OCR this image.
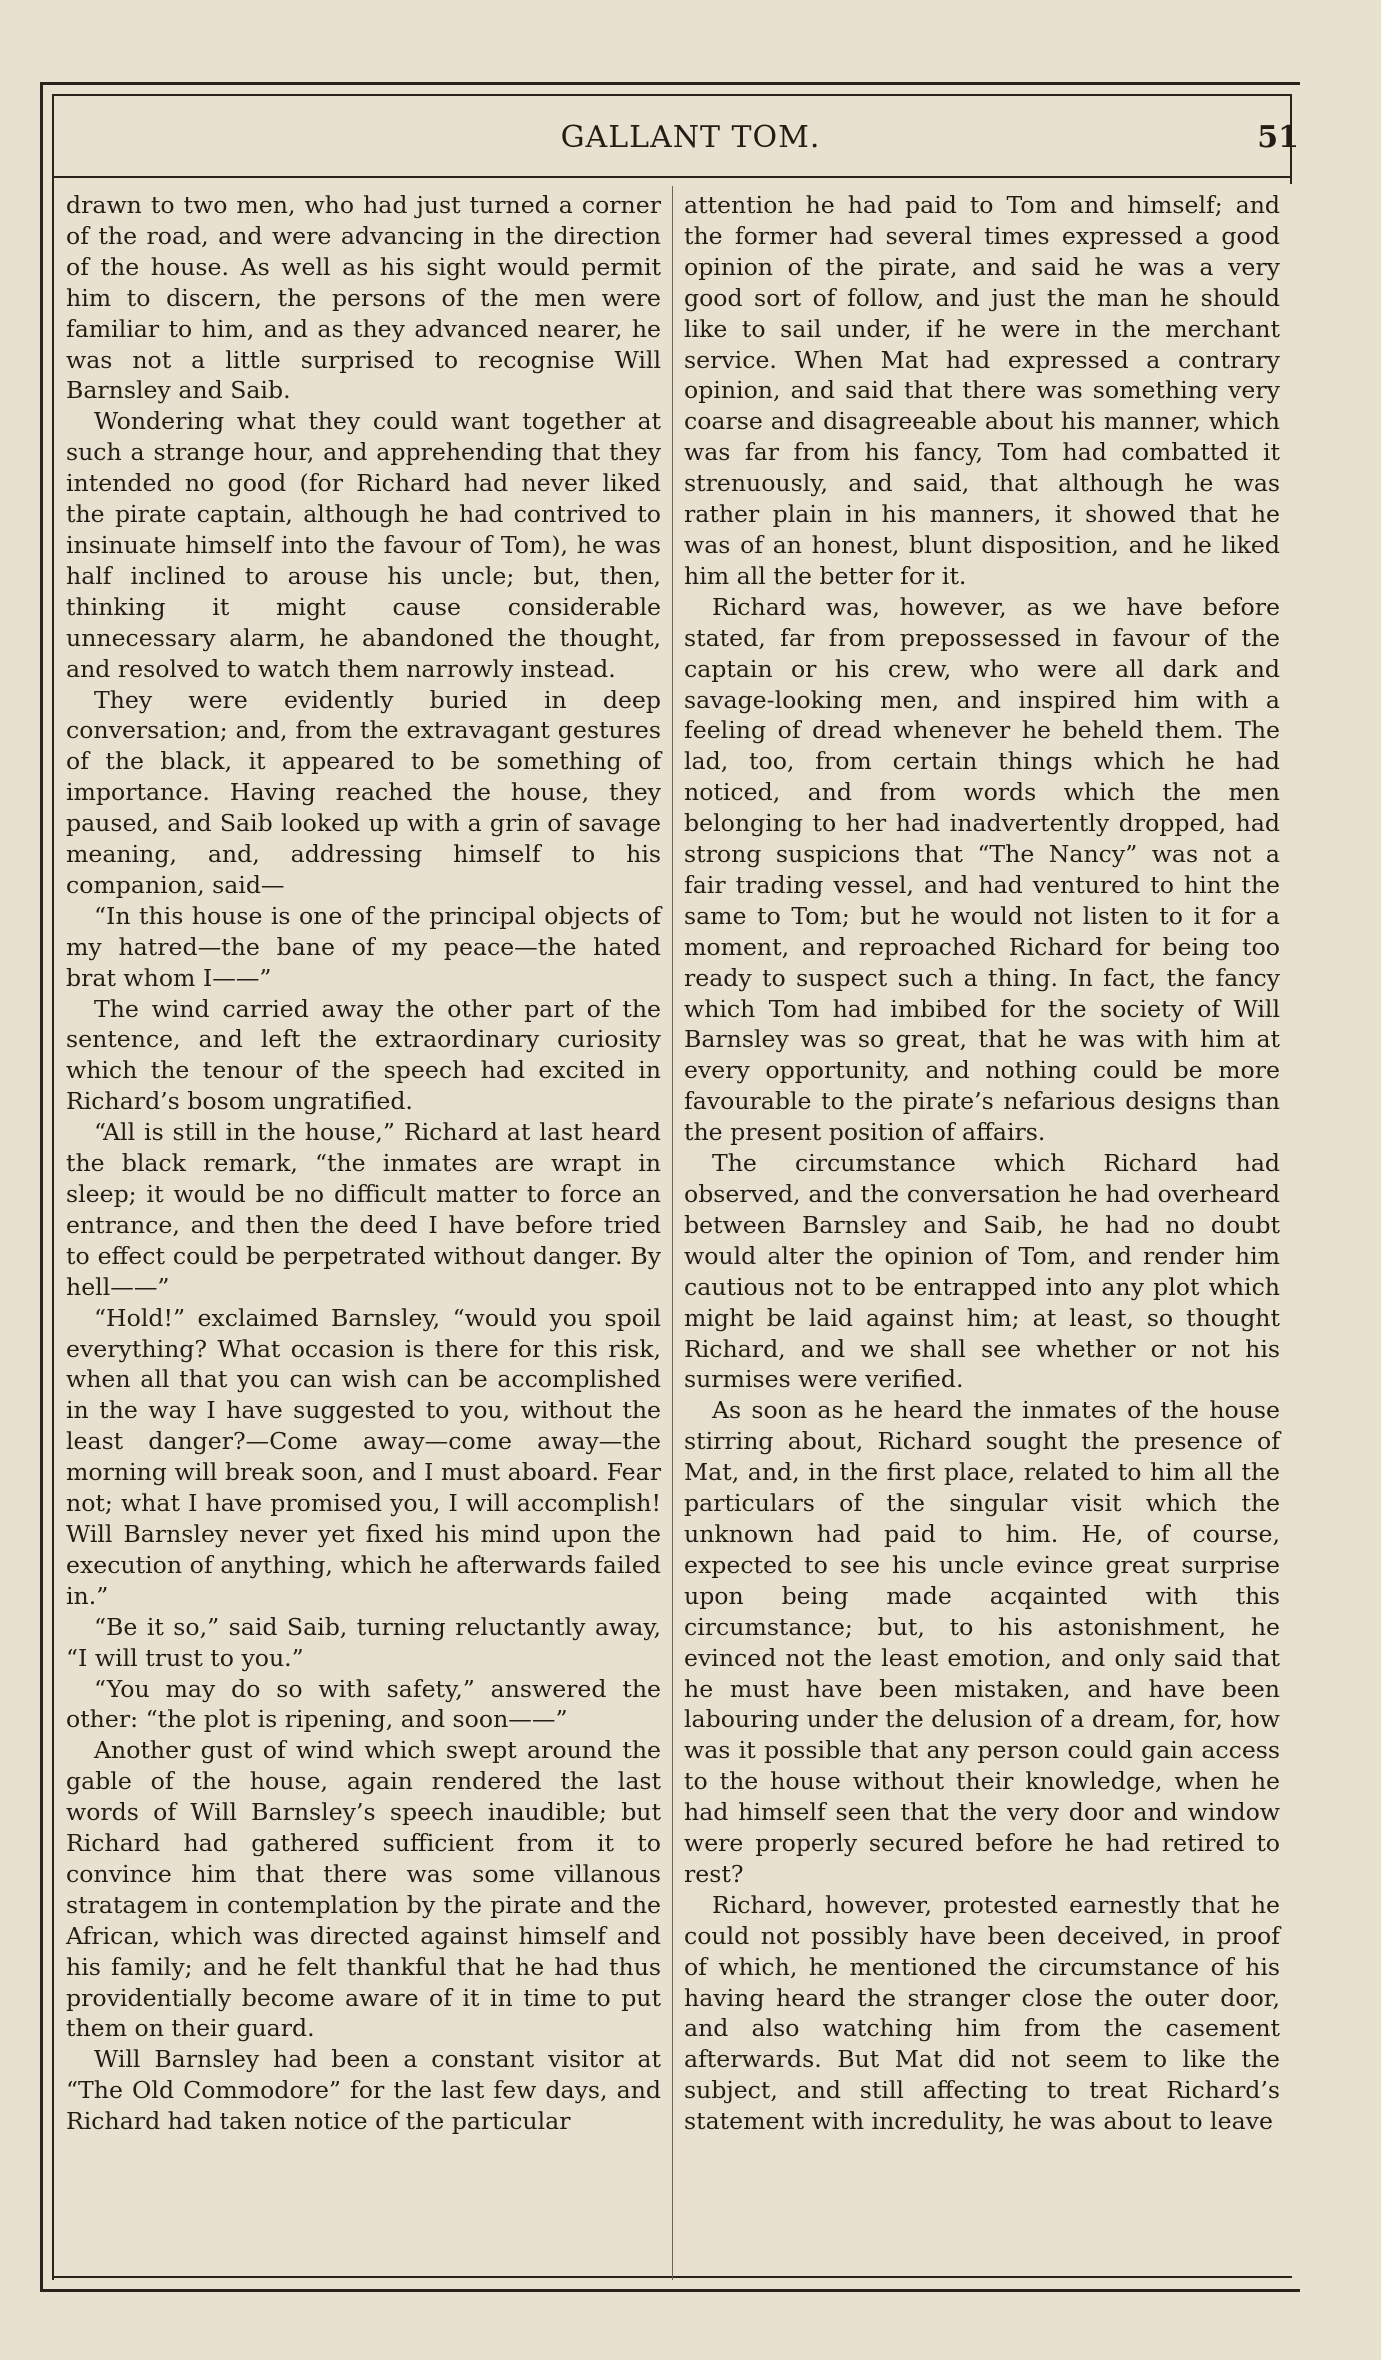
GALLANT TOM.	51

drawn to two men, who had just turned a corner of the road, and were advancing in the direction of the house. As well as his sight would permit him to discern, the persons of the men were familiar to him, and as they advanced nearer, he was not a little surprised to recognise Will Barnsley and Saib.

Wondering what they could want together at such a strange hour, and apprehending that they intended no good (for Richard had never liked the pirate captain, although he had contrived to insinuate himself into the favour of Tom), he was half inclined to arouse his uncle; but, then, thinking it might cause considerable unnecessary alarm, he abandoned the thought, and resolved to watch them narrowly instead.

They were evidently buried in deep conversation; and, from the extravagant gestures of the black, it appeared to be something of importance. Having reached the house, they paused, and Saib looked up with a grin of savage meaning, and, addressing himself to his companion, said—

“In this house is one of the principal objects of my hatred—the bane of my peace—the hated brat whom I——”

The wind carried away the other part of the sentence, and left the extraordinary curiosity which the tenour of the speech had excited in Richard’s bosom ungratified.

“All is still in the house,” Richard at last heard the black remark, “the inmates are wrapt in sleep; it would be no difficult matter to force an entrance, and then the deed I have before tried to effect could be perpetrated without danger. By hell——”

“Hold!” exclaimed Barnsley, “would you spoil everything? What occasion is there for this risk, when all that you can wish can be accomplished in the way I have suggested to you, without the least danger?—Come away—come away—the morning will break soon, and I must aboard. Fear not; what I have promised you, I will accomplish! Will Barnsley never yet fixed his mind upon the execution of anything, which he afterwards failed in.”

“Be it so,” said Saib, turning reluctantly away, “I will trust to you.”

“You may do so with safety,” answered the other: “the plot is ripening, and soon——”

Another gust of wind which swept around the gable of the house, again rendered the last words of Will Barnsley’s speech inaudible; but Richard had gathered sufficient from it to convince him that there was some villanous stratagem in contemplation by the pirate and the African, which was directed against himself and his family; and he felt thankful that he had thus providentially become aware of it in time to put them on their guard.

Will Barnsley had been a constant visitor at “The Old Commodore” for the last few days, and Richard had taken notice of the particular

attention he had paid to Tom and himself; and the former had several times expressed a good opinion of the pirate, and said he was a very good sort of follow, and just the man he should like to sail under, if he were in the merchant service. When Mat had expressed a contrary opinion, and said that there was something very coarse and disagreeable about his manner, which was far from his fancy, Tom had combatted it strenuously, and said, that although he was rather plain in his manners, it showed that he was of an honest, blunt disposition, and he liked him all the better for it.

Richard was, however, as we have before stated, far from prepossessed in favour of the captain or his crew, who were all dark and savage-looking men, and inspired him with a feeling of dread whenever he beheld them. The lad, too, from certain things which he had noticed, and from words which the men belonging to her had inadvertently dropped, had strong suspicions that “The Nancy” was not a fair trading vessel, and had ventured to hint the same to Tom; but he would not listen to it for a moment, and reproached Richard for being too ready to suspect such a thing. In fact, the fancy which Tom had imbibed for the society of Will Barnsley was so great, that he was with him at every opportunity, and nothing could be more favourable to the pirate’s nefarious designs than the present position of affairs.

The circumstance which Richard had observed, and the conversation he had overheard between Barnsley and Saib, he had no doubt would alter the opinion of Tom, and render him cautious not to be entrapped into any plot which might be laid against him; at least, so thought Richard, and we shall see whether or not his surmises were verified.

As soon as he heard the inmates of the house stirring about, Richard sought the presence of Mat, and, in the first place, related to him all the particulars of the singular visit which the unknown had paid to him. He, of course, expected to see his uncle evince great surprise upon being made acqainted with this circumstance; but, to his astonishment, he evinced not the least emotion, and only said that he must have been mistaken, and have been labouring under the delusion of a dream, for, how was it possible that any person could gain access to the house without their knowledge, when he had himself seen that the very door and window were properly secured before he had retired to rest?

Richard, however, protested earnestly that he could not possibly have been deceived, in proof of which, he mentioned the circumstance of his having heard the stranger close the outer door, and also watching him from the casement afterwards. But Mat did not seem to like the subject, and still affecting to treat Richard’s statement with incredulity, he was about to leave
